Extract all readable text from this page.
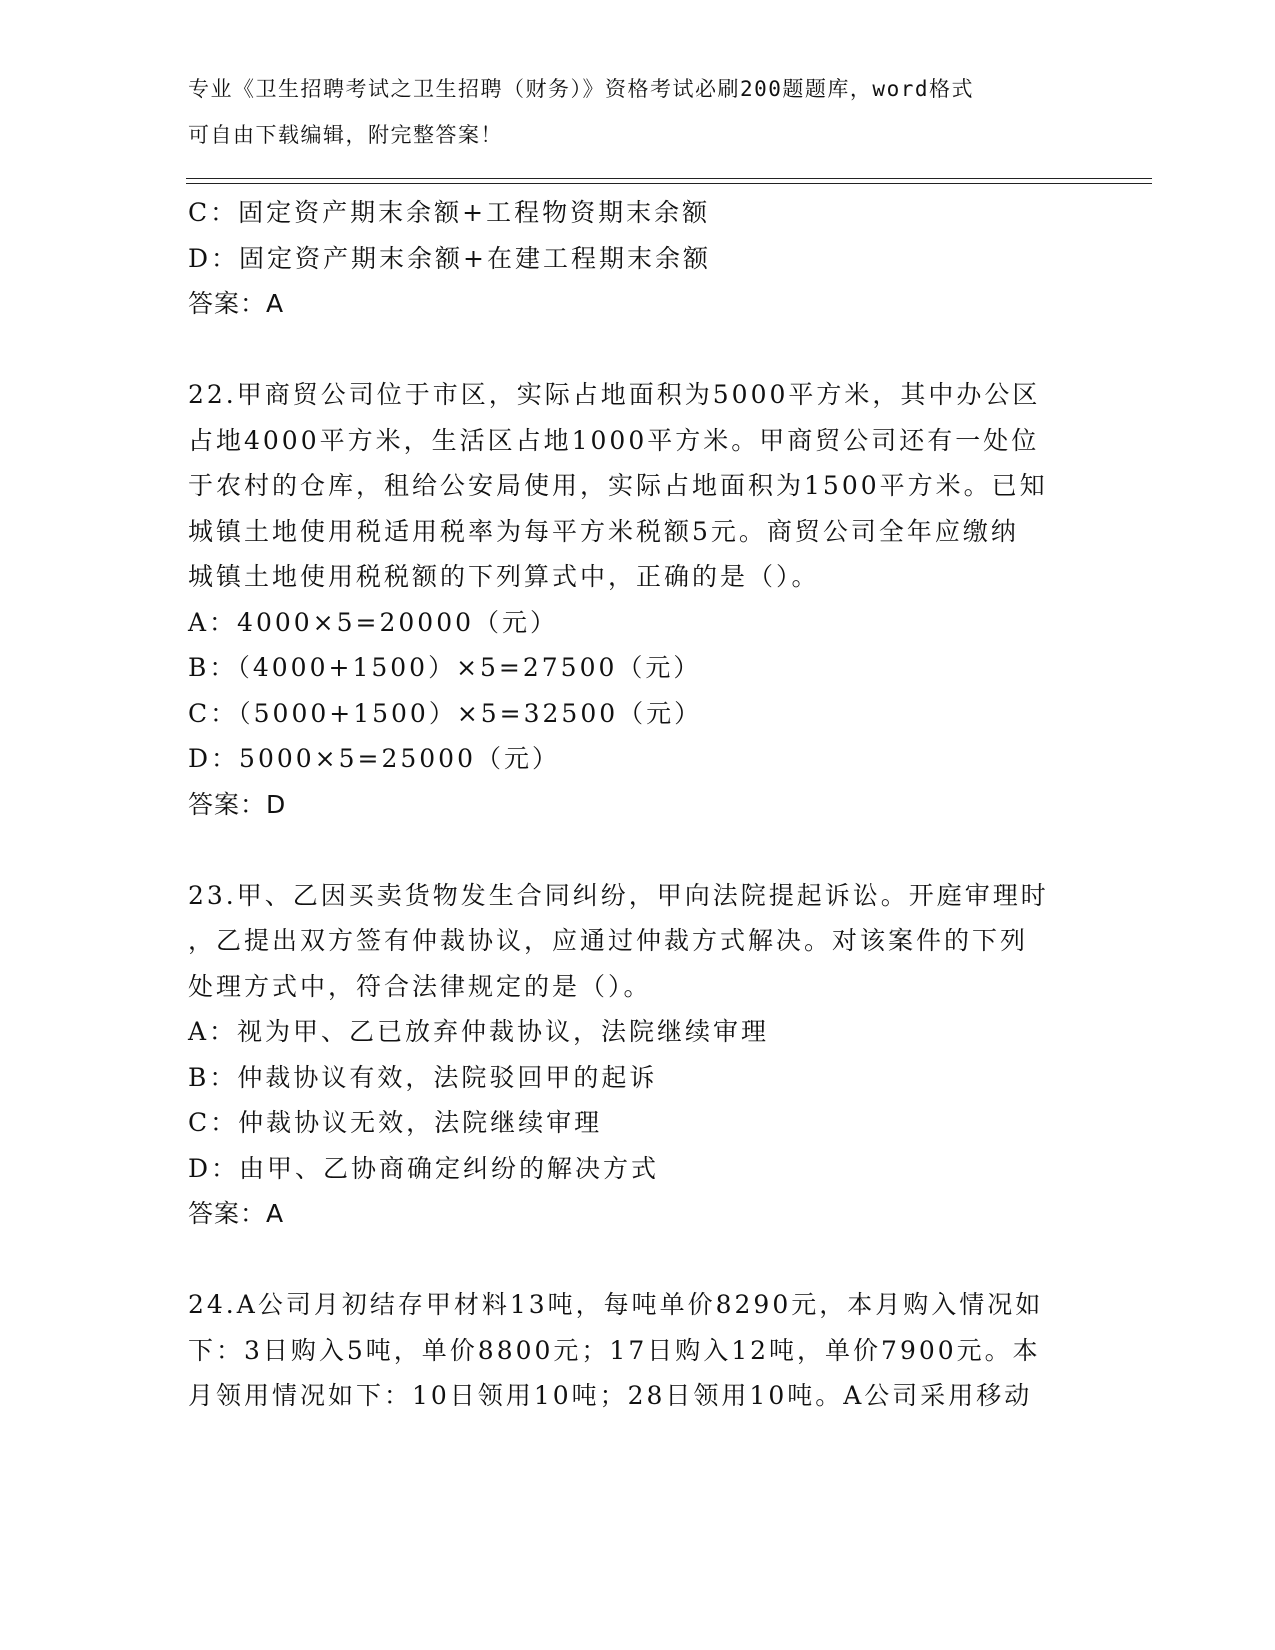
专业《卫生招聘考试之卫生招聘（财务）》资格考试必刷200题题库，word格式
可自由下载编辑，附完整答案！
C：固定资产期末余额+工程物资期末余额
D：固定资产期末余额+在建工程期末余额
答案：A
22.甲商贸公司位于市区，实际占地面积为5000平方米，其中办公区
占地4000平方米，生活区占地1000平方米。甲商贸公司还有一处位
于农村的仓库，租给公安局使用，实际占地面积为1500平方米。已知
城镇土地使用税适用税率为每平方米税额5元。商贸公司全年应缴纳
城镇土地使用税税额的下列算式中，正确的是（）。
A：4000×5=20000（元）
B：（4000+1500）×5=27500（元）
C：（5000+1500）×5=32500（元）
D：5000×5=25000（元）
答案：D
23.甲、乙因买卖货物发生合同纠纷，甲向法院提起诉讼。开庭审理时
，乙提出双方签有仲裁协议，应通过仲裁方式解决。对该案件的下列
处理方式中，符合法律规定的是（）。
A：视为甲、乙已放弃仲裁协议，法院继续审理
B：仲裁协议有效，法院驳回甲的起诉
C：仲裁协议无效，法院继续审理
D：由甲、乙协商确定纠纷的解决方式
答案：A
24.A公司月初结存甲材料13吨，每吨单价8290元，本月购入情况如
下：3日购入5吨，单价8800元；17日购入12吨，单价7900元。本
月领用情况如下：10日领用10吨；28日领用10吨。A公司采用移动
